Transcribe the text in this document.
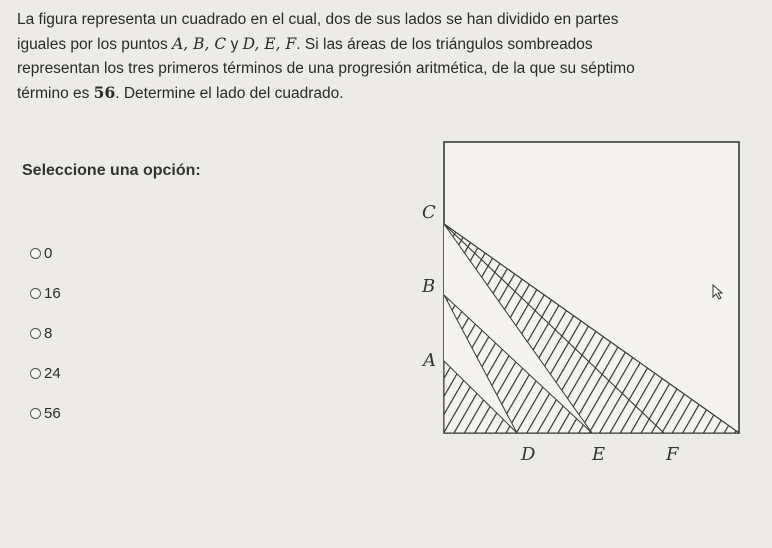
La figura representa un cuadrado en el cual, dos de sus lados se han dividido en partes
iguales por los puntos A, B, C y D, E, F. Si las áreas de los triángulos sombreados
representan los tres primeros términos de una progresión aritmética, de la que su séptimo
término es 56. Determine el lado del cuadrado.
Seleccione una opción:
0
16
8
24
56
C
B
A
D	E	F
